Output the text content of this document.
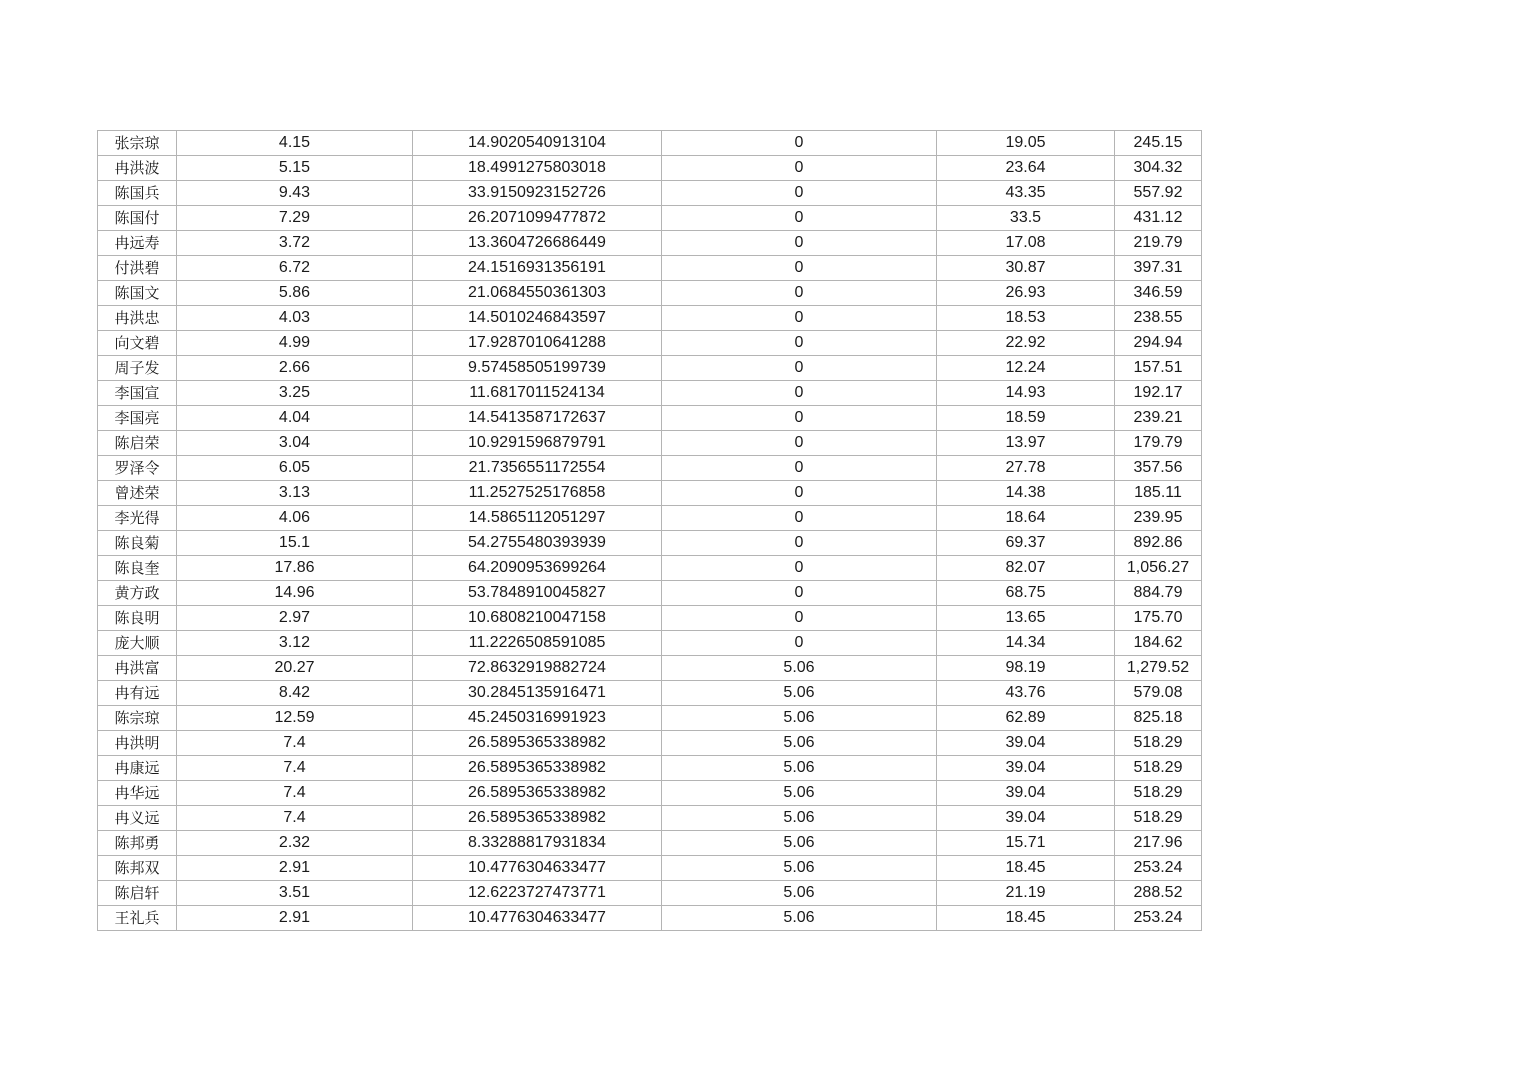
张宗琼	4.15	14.9020540913104	0	19.05	245.15
冉洪波	5.15	18.4991275803018	0	23.64	304.32
陈国兵	9.43	33.9150923152726	0	43.35	557.92
陈国付	7.29	26.2071099477872	0	33.5	431.12
冉远寿	3.72	13.3604726686449	0	17.08	219.79
付洪碧	6.72	24.1516931356191	0	30.87	397.31
陈国文	5.86	21.0684550361303	0	26.93	346.59
冉洪忠	4.03	14.5010246843597	0	18.53	238.55
向文碧	4.99	17.9287010641288	0	22.92	294.94
周子发	2.66	9.57458505199739	0	12.24	157.51
李国宣	3.25	11.6817011524134	0	14.93	192.17
李国亮	4.04	14.5413587172637	0	18.59	239.21
陈启荣	3.04	10.9291596879791	0	13.97	179.79
罗泽令	6.05	21.7356551172554	0	27.78	357.56
曾述荣	3.13	11.2527525176858	0	14.38	185.11
李光得	4.06	14.5865112051297	0	18.64	239.95
陈良菊	15.1	54.2755480393939	0	69.37	892.86
陈良奎	17.86	64.2090953699264	0	82.07	1,056.27
黄方政	14.96	53.7848910045827	0	68.75	884.79
陈良明	2.97	10.6808210047158	0	13.65	175.70
庞大顺	3.12	11.2226508591085	0	14.34	184.62
冉洪富	20.27	72.8632919882724	5.06	98.19	1,279.52
冉有远	8.42	30.2845135916471	5.06	43.76	579.08
陈宗琼	12.59	45.2450316991923	5.06	62.89	825.18
冉洪明	7.4	26.5895365338982	5.06	39.04	518.29
冉康远	7.4	26.5895365338982	5.06	39.04	518.29
冉华远	7.4	26.5895365338982	5.06	39.04	518.29
冉义远	7.4	26.5895365338982	5.06	39.04	518.29
陈邦勇	2.32	8.33288817931834	5.06	15.71	217.96
陈邦双	2.91	10.4776304633477	5.06	18.45	253.24
陈启轩	3.51	12.6223727473771	5.06	21.19	288.52
王礼兵	2.91	10.4776304633477	5.06	18.45	253.24
